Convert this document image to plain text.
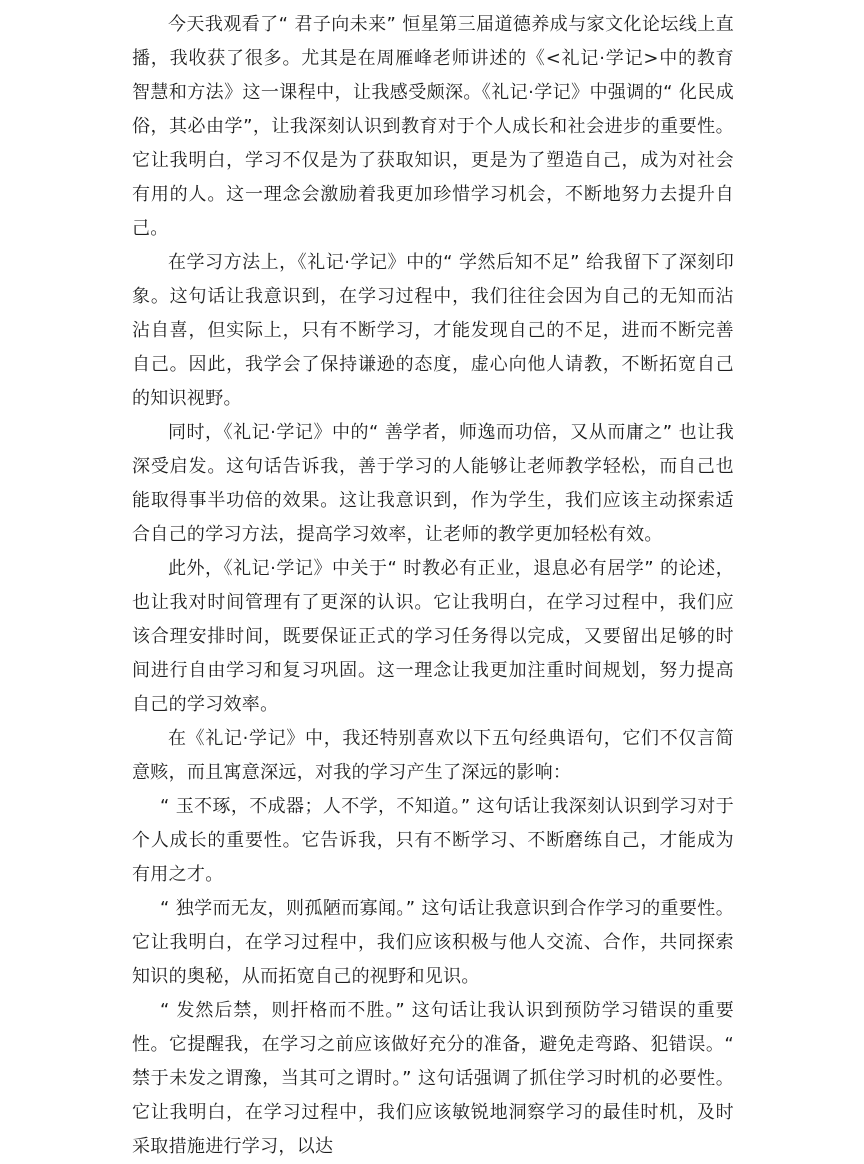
今天我观看了“ 君子向未来” 恒星第三届道德养成与家文化论坛线上直播，我收获了很多。尤其是在周雁峰老师讲述的《<礼记·学记>中的教育智慧和方法》这一课程中，让我感受颇深。《礼记·学记》中强调的“ 化民成俗，其必由学”，让我深刻认识到教育对于个人成长和社会进步的重要性。它让我明白，学习不仅是为了获取知识，更是为了塑造自己，成为对社会有用的人。这一理念会激励着我更加珍惜学习机会，不断地努力去提升自己。

在学习方法上，《礼记·学记》中的“ 学然后知不足” 给我留下了深刻印象。这句话让我意识到，在学习过程中，我们往往会因为自己的无知而沾沾自喜，但实际上，只有不断学习，才能发现自己的不足，进而不断完善自己。因此，我学会了保持谦逊的态度，虚心向他人请教，不断拓宽自己的知识视野。

同时，《礼记·学记》中的“ 善学者，师逸而功倍，又从而庸之” 也让我深受启发。这句话告诉我，善于学习的人能够让老师教学轻松，而自己也能取得事半功倍的效果。这让我意识到，作为学生，我们应该主动探索适合自己的学习方法，提高学习效率，让老师的教学更加轻松有效。

此外，《礼记·学记》中关于“ 时教必有正业，退息必有居学” 的论述，也让我对时间管理有了更深的认识。它让我明白，在学习过程中，我们应该合理安排时间，既要保证正式的学习任务得以完成，又要留出足够的时间进行自由学习和复习巩固。这一理念让我更加注重时间规划，努力提高自己的学习效率。

在《礼记·学记》中，我还特别喜欢以下五句经典语句，它们不仅言简意赅，而且寓意深远，对我的学习产生了深远的影响：

“ 玉不琢，不成器；人不学，不知道。” 这句话让我深刻认识到学习对于个人成长的重要性。它告诉我，只有不断学习、不断磨练自己，才能成为有用之才。

“ 独学而无友，则孤陋而寡闻。” 这句话让我意识到合作学习的重要性。它让我明白，在学习过程中，我们应该积极与他人交流、合作，共同探索知识的奥秘，从而拓宽自己的视野和见识。

“ 发然后禁，则扞格而不胜。” 这句话让我认识到预防学习错误的重要性。它提醒我，在学习之前应该做好充分的准备，避免走弯路、犯错误。“ 禁于未发之谓豫，当其可之谓时。” 这句话强调了抓住学习时机的必要性。它让我明白，在学习过程中，我们应该敏锐地洞察学习的最佳时机，及时采取措施进行学习，以达
